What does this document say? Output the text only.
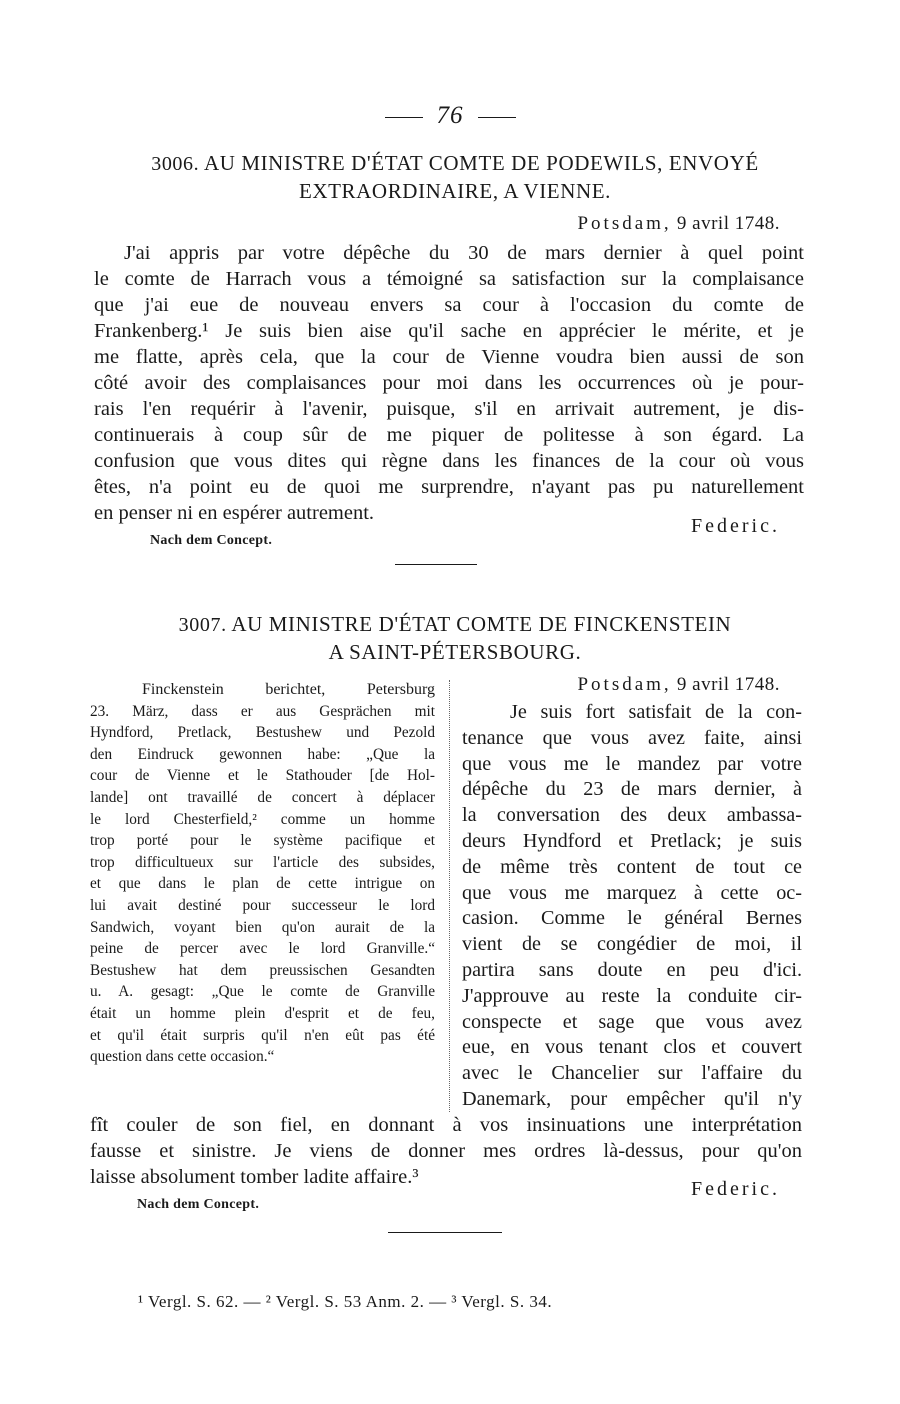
76
3006. AU MINISTRE D'ÉTAT COMTE DE PODEWILS, ENVOYÉ
EXTRAORDINAIRE, A VIENNE.
Potsdam, 9 avril 1748.
J'ai appris par votre dépêche du 30 de mars dernier à quel point
le comte de Harrach vous a témoigné sa satisfaction sur la complaisance
que j'ai eue de nouveau envers sa cour à l'occasion du comte de
Frankenberg.¹ Je suis bien aise qu'il sache en apprécier le mérite, et je
me flatte, après cela, que la cour de Vienne voudra bien aussi de son
côté avoir des complaisances pour moi dans les occurrences où je pour-
rais l'en requérir à l'avenir, puisque, s'il en arrivait autrement, je dis-
continuerais à coup sûr de me piquer de politesse à son égard. La
confusion que vous dites qui règne dans les finances de la cour où vous
êtes, n'a point eu de quoi me surprendre, n'ayant pas pu naturellement
en penser ni en espérer autrement.
Federic.
Nach dem Concept.
3007. AU MINISTRE D'ÉTAT COMTE DE FINCKENSTEIN
A SAINT-PÉTERSBOURG.
Finckenstein berichtet, Petersburg
23. März, dass er aus Gesprächen mit
Hyndford, Pretlack, Bestushew und Pezold
den Eindruck gewonnen habe: „Que la
cour de Vienne et le Stathouder [de Hol-
lande] ont travaillé de concert à déplacer
le lord Chesterfield,² comme un homme
trop porté pour le système pacifique et
trop difficultueux sur l'article des subsides,
et que dans le plan de cette intrigue on
lui avait destiné pour successeur le lord
Sandwich, voyant bien qu'on aurait de la
peine de percer avec le lord Granville.“
Bestushew hat dem preussischen Gesandten
u. A. gesagt: „Que le comte de Granville
était un homme plein d'esprit et de feu,
et qu'il était surpris qu'il n'en eût pas été
question dans cette occasion.“
Potsdam, 9 avril 1748.
Je suis fort satisfait de la con-
tenance que vous avez faite, ainsi
que vous me le mandez par votre
dépêche du 23 de mars dernier, à
la conversation des deux ambassa-
deurs Hyndford et Pretlack; je suis
de même très content de tout ce
que vous me marquez à cette oc-
casion. Comme le général Bernes
vient de se congédier de moi, il
partira sans doute en peu d'ici.
J'approuve au reste la conduite cir-
conspecte et sage que vous avez
eue, en vous tenant clos et couvert
avec le Chancelier sur l'affaire du
Danemark, pour empêcher qu'il n'y
fît couler de son fiel, en donnant à vos insinuations une interprétation
fausse et sinistre. Je viens de donner mes ordres là-dessus, pour qu'on
laisse absolument tomber ladite affaire.³
Federic.
Nach dem Concept.
¹ Vergl. S. 62. — ² Vergl. S. 53 Anm. 2. — ³ Vergl. S. 34.
